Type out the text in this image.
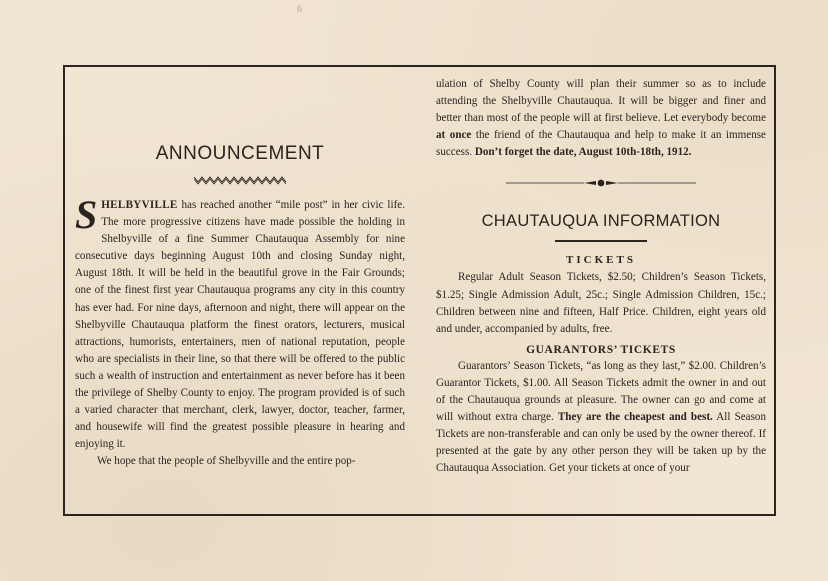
6
ANNOUNCEMENT

SHELBYVILLE has reached another “mile post” in her civic life. The more progressive citizens have made possible the holding in Shelbyville of a fine Summer Chautauqua Assembly for nine consecutive days beginning August 10th and closing Sunday night, August 18th. It will be held in the beautiful grove in the Fair Grounds; one of the finest first year Chautauqua programs any city in this country has ever had. For nine days, afternoon and night, there will appear on the Shelbyville Chautauqua platform the finest orators, lecturers, musical attractions, humorists, entertainers, men of national reputation, people who are specialists in their line, so that there will be offered to the public such a wealth of instruction and entertainment as never before has it been the privilege of Shelby County to enjoy. The program provided is of such a varied character that merchant, clerk, lawyer, doctor, teacher, farmer, and housewife will find the greatest possible pleasure in hearing and enjoying it.

We hope that the people of Shelbyville and the entire pop-

ulation of Shelby County will plan their summer so as to include attending the Shelbyville Chautauqua. It will be bigger and finer and better than most of the people will at first believe. Let everybody become at once the friend of the Chautauqua and help to make it an immense success. Don’t forget the date, August 10th-18th, 1912.

CHAUTAUQUA INFORMATION
TICKETS

Regular Adult Season Tickets, $2.50; Children’s Season Tickets, $1.25; Single Admission Adult, 25c.; Single Admission Children, 15c.; Children between nine and fifteen, Half Price. Children, eight years old and under, accompanied by adults, free.

GUARANTORS’ TICKETS

Guarantors’ Season Tickets, “as long as they last,” $2.00. Children’s Guarantor Tickets, $1.00. All Season Tickets admit the owner in and out of the Chautauqua grounds at pleasure. The owner can go and come at will without extra charge. They are the cheapest and best. All Season Tickets are non-transferable and can only be used by the owner thereof. If presented at the gate by any other person they will be taken up by the Chautauqua Association. Get your tickets at once of your
